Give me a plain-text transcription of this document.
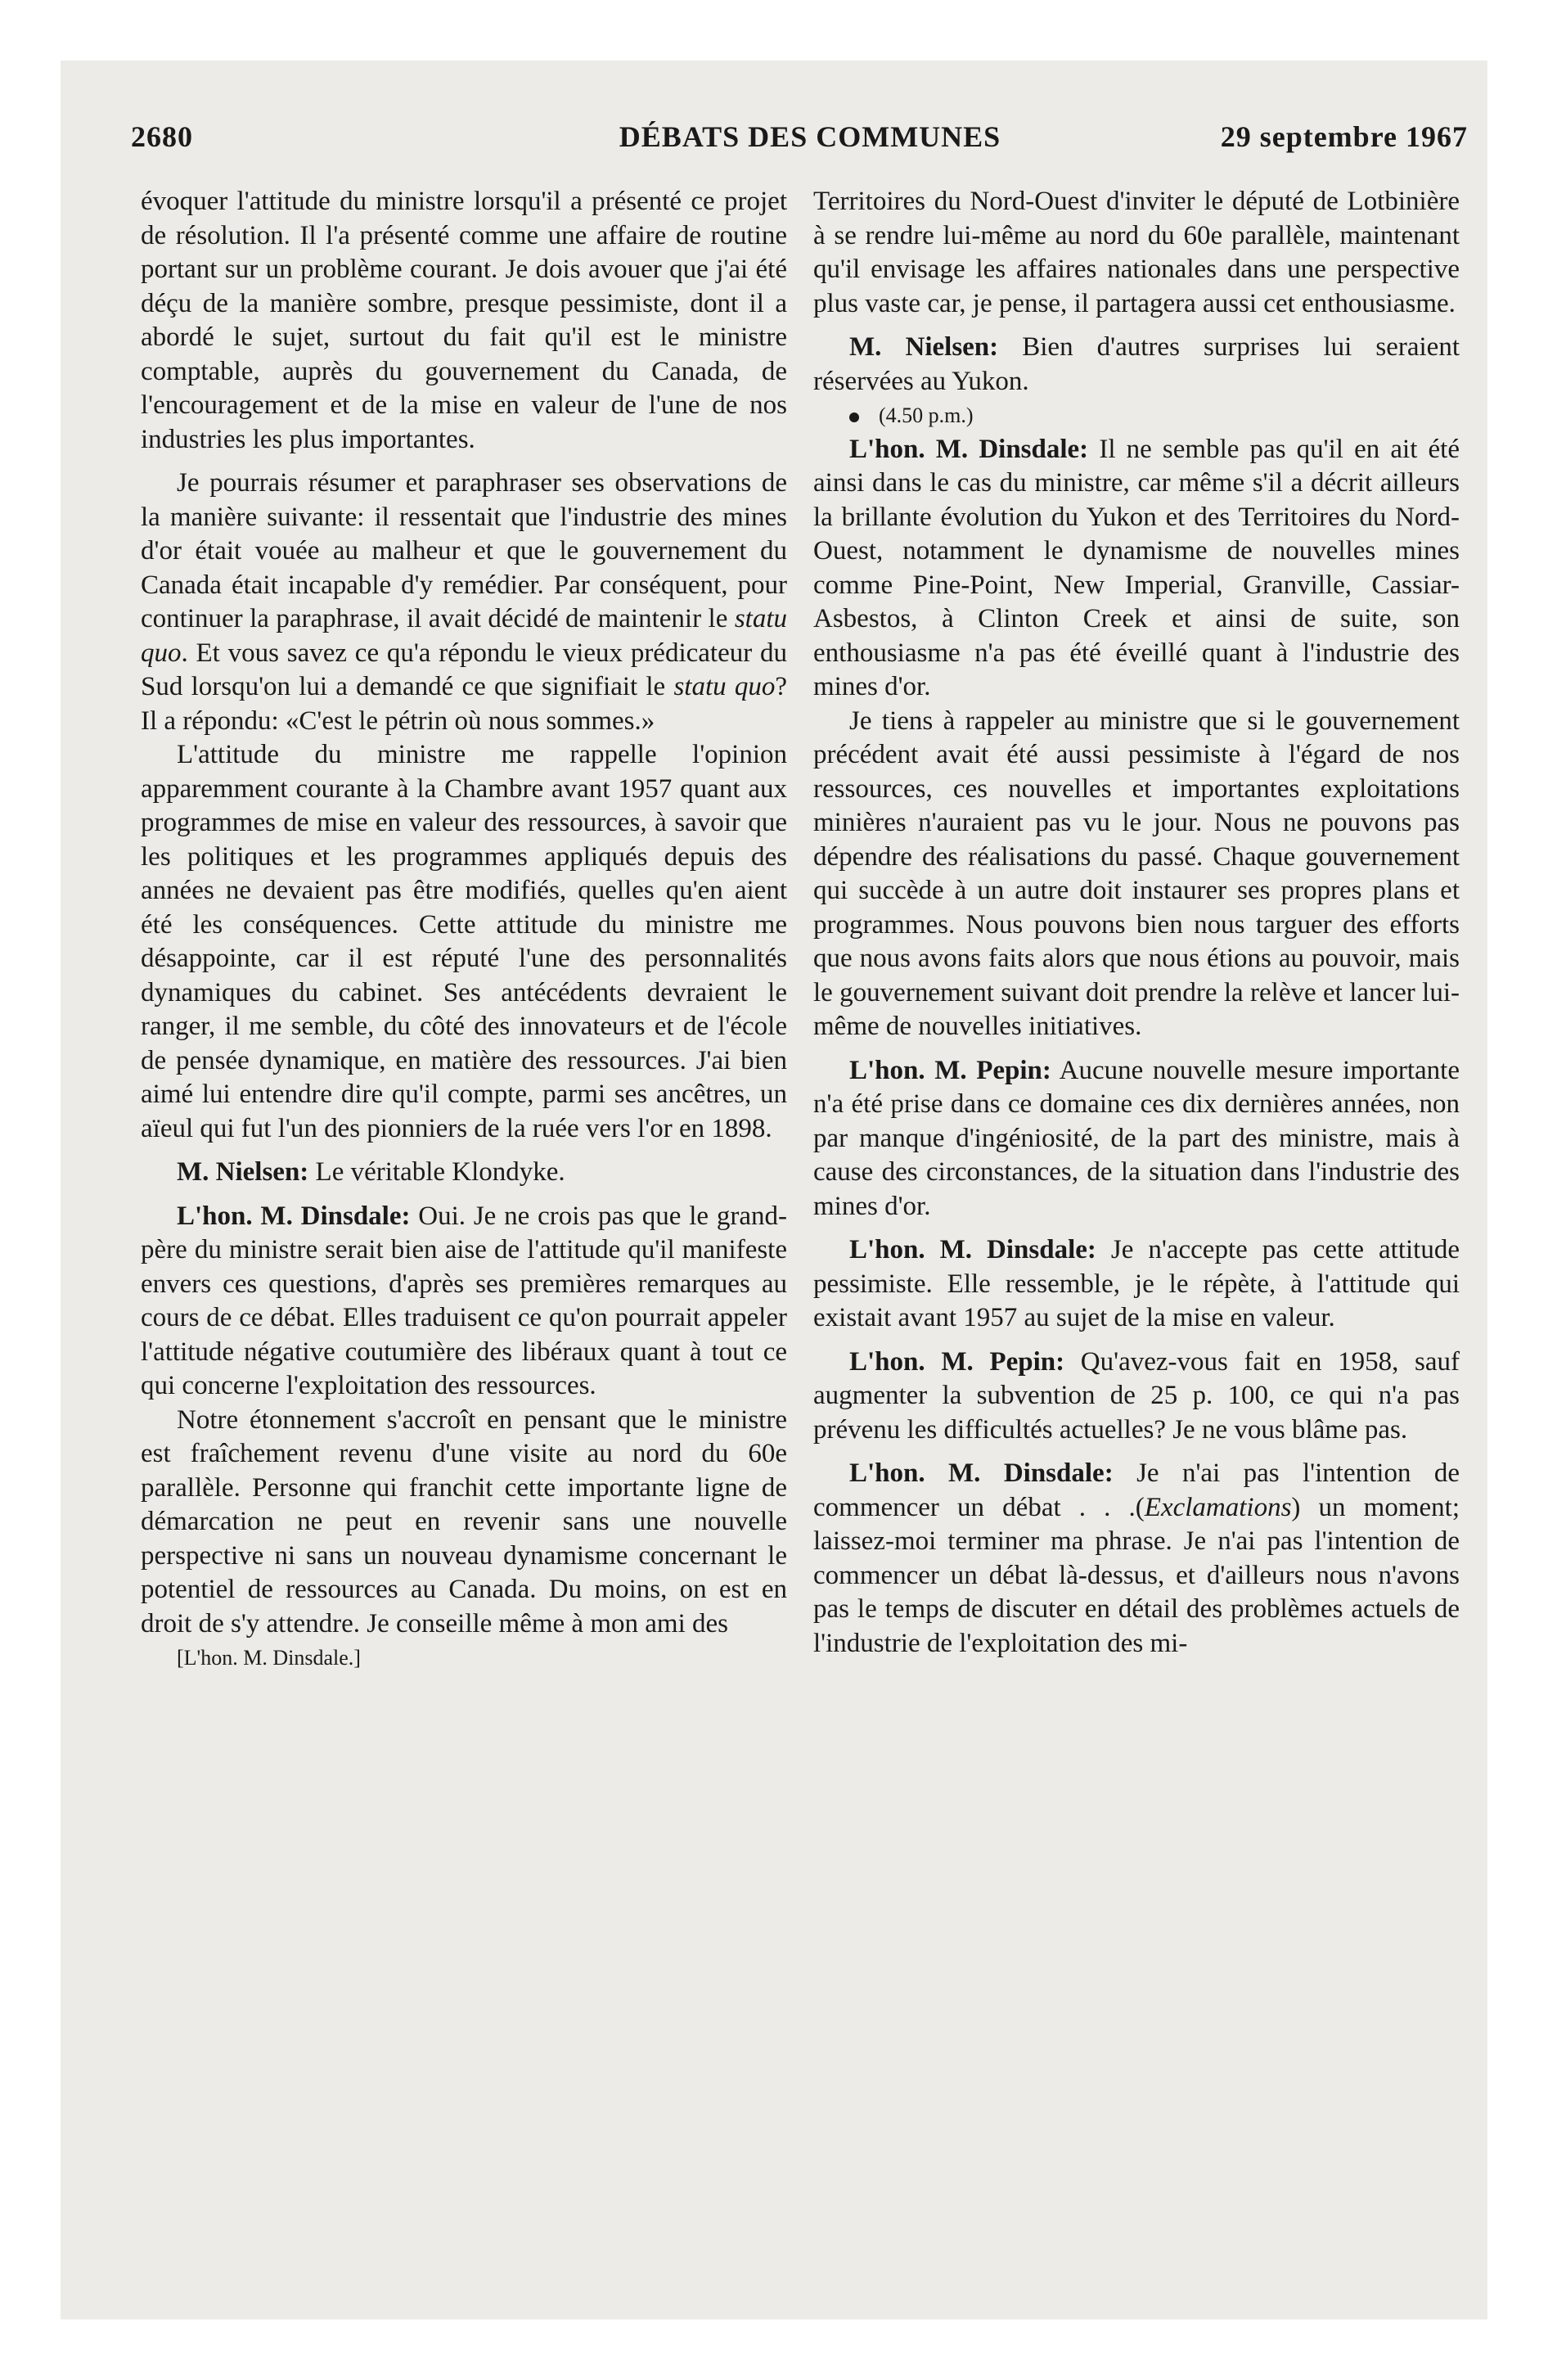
2680	DÉBATS DES COMMUNES	29 septembre 1967

évoquer l'attitude du ministre lorsqu'il a présenté ce projet de résolution. Il l'a présenté comme une affaire de routine portant sur un problème courant. Je dois avouer que j'ai été déçu de la manière sombre, presque pessimiste, dont il a abordé le sujet, surtout du fait qu'il est le ministre comptable, auprès du gouvernement du Canada, de l'encouragement et de la mise en valeur de l'une de nos industries les plus importantes.

Je pourrais résumer et paraphraser ses observations de la manière suivante: il ressentait que l'industrie des mines d'or était vouée au malheur et que le gouvernement du Canada était incapable d'y remédier. Par conséquent, pour continuer la paraphrase, il avait décidé de maintenir le statu quo. Et vous savez ce qu'a répondu le vieux prédicateur du Sud lorsqu'on lui a demandé ce que signifiait le statu quo? Il a répondu: «C'est le pétrin où nous sommes.»

L'attitude du ministre me rappelle l'opinion apparemment courante à la Chambre avant 1957 quant aux programmes de mise en valeur des ressources, à savoir que les politiques et les programmes appliqués depuis des années ne devaient pas être modifiés, quelles qu'en aient été les conséquences. Cette attitude du ministre me désappointe, car il est réputé l'une des personnalités dynamiques du cabinet. Ses antécédents devraient le ranger, il me semble, du côté des innovateurs et de l'école de pensée dynamique, en matière des ressources. J'ai bien aimé lui entendre dire qu'il compte, parmi ses ancêtres, un aïeul qui fut l'un des pionniers de la ruée vers l'or en 1898.

M. Nielsen: Le véritable Klondyke.

L'hon. M. Dinsdale: Oui. Je ne crois pas que le grand-père du ministre serait bien aise de l'attitude qu'il manifeste envers ces questions, d'après ses premières remarques au cours de ce débat. Elles traduisent ce qu'on pourrait appeler l'attitude négative coutumière des libéraux quant à tout ce qui concerne l'exploitation des ressources.

Notre étonnement s'accroît en pensant que le ministre est fraîchement revenu d'une visite au nord du 60e parallèle. Personne qui franchit cette importante ligne de démarcation ne peut en revenir sans une nouvelle perspective ni sans un nouveau dynamisme concernant le potentiel de ressources au Canada. Du moins, on est en droit de s'y attendre. Je conseille même à mon ami des

[L'hon. M. Dinsdale.]

Territoires du Nord-Ouest d'inviter le député de Lotbinière à se rendre lui-même au nord du 60e parallèle, maintenant qu'il envisage les affaires nationales dans une perspective plus vaste car, je pense, il partagera aussi cet enthousiasme.

M. Nielsen: Bien d'autres surprises lui seraient réservées au Yukon.

(4.50 p.m.)

L'hon. M. Dinsdale: Il ne semble pas qu'il en ait été ainsi dans le cas du ministre, car même s'il a décrit ailleurs la brillante évolution du Yukon et des Territoires du Nord-Ouest, notamment le dynamisme de nouvelles mines comme Pine-Point, New Imperial, Granville, Cassiar-Asbestos, à Clinton Creek et ainsi de suite, son enthousiasme n'a pas été éveillé quant à l'industrie des mines d'or.

Je tiens à rappeler au ministre que si le gouvernement précédent avait été aussi pessimiste à l'égard de nos ressources, ces nouvelles et importantes exploitations minières n'auraient pas vu le jour. Nous ne pouvons pas dépendre des réalisations du passé. Chaque gouvernement qui succède à un autre doit instaurer ses propres plans et programmes. Nous pouvons bien nous targuer des efforts que nous avons faits alors que nous étions au pouvoir, mais le gouvernement suivant doit prendre la relève et lancer lui-même de nouvelles initiatives.

L'hon. M. Pepin: Aucune nouvelle mesure importante n'a été prise dans ce domaine ces dix dernières années, non par manque d'ingéniosité, de la part des ministre, mais à cause des circonstances, de la situation dans l'industrie des mines d'or.

L'hon. M. Dinsdale: Je n'accepte pas cette attitude pessimiste. Elle ressemble, je le répète, à l'attitude qui existait avant 1957 au sujet de la mise en valeur.

L'hon. M. Pepin: Qu'avez-vous fait en 1958, sauf augmenter la subvention de 25 p. 100, ce qui n'a pas prévenu les difficultés actuelles? Je ne vous blâme pas.

L'hon. M. Dinsdale: Je n'ai pas l'intention de commencer un débat . . .(Exclamations) un moment; laissez-moi terminer ma phrase. Je n'ai pas l'intention de commencer un débat là-dessus, et d'ailleurs nous n'avons pas le temps de discuter en détail des problèmes actuels de l'industrie de l'exploitation des mi-
